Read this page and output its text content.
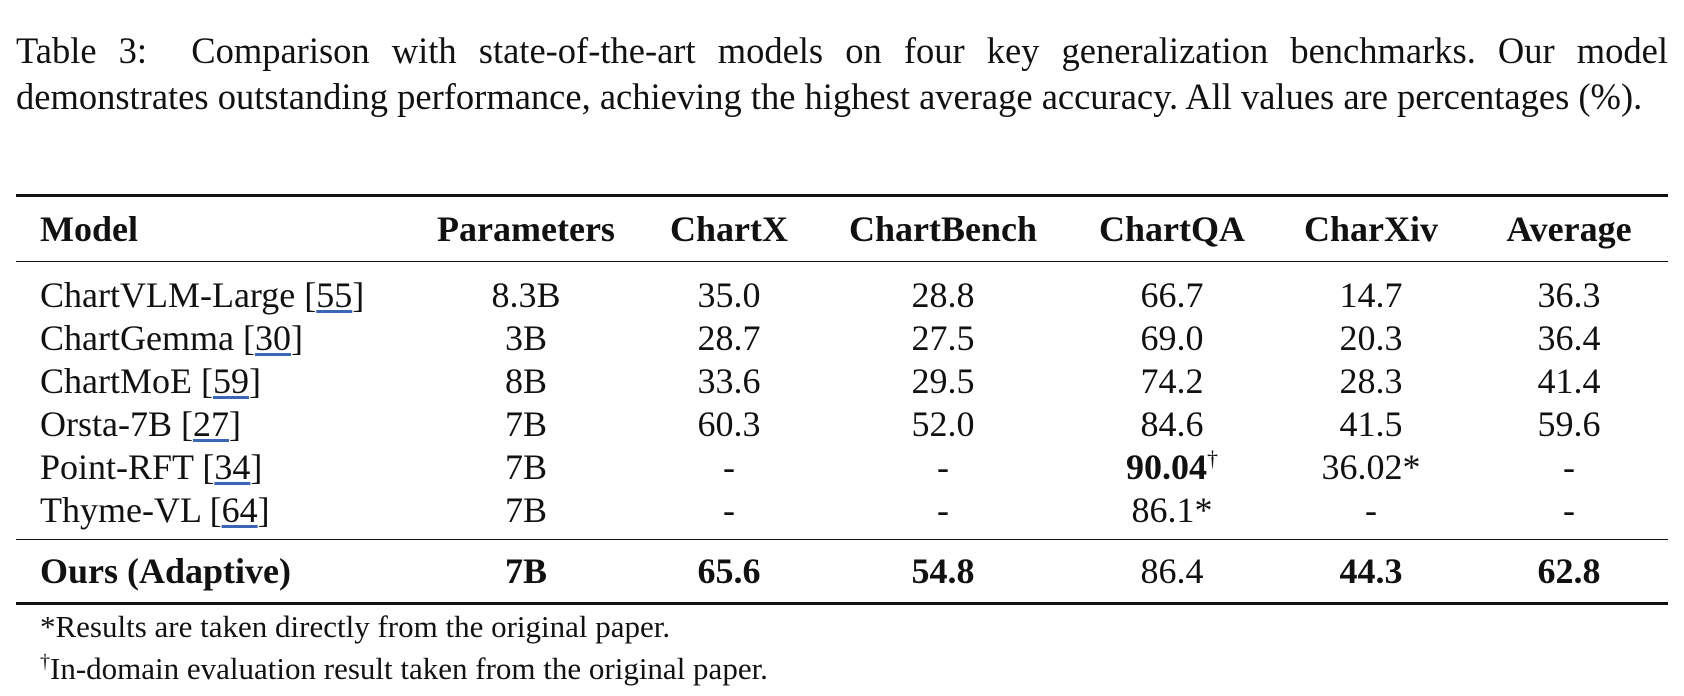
Table 3: Comparison with state-of-the-art models on four key generalization benchmarks. Our model demonstrates outstanding performance, achieving the highest average accuracy. All values are percentages (%).
Model	Parameters	ChartX	ChartBench	ChartQA	CharXiv	Average
ChartVLM-Large [55]	8.3B	35.0	28.8	66.7	14.7	36.3
ChartGemma [30]	3B	28.7	27.5	69.0	20.3	36.4
ChartMoE [59]	8B	33.6	29.5	74.2	28.3	41.4
Orsta-7B [27]	7B	60.3	52.0	84.6	41.5	59.6
Point-RFT [34]	7B	-	-	90.04†	36.02*	-
Thyme-VL [64]	7B	-	-	86.1*	-	-
Ours (Adaptive)	7B	65.6	54.8	86.4	44.3	62.8
*Results are taken directly from the original paper.
†In-domain evaluation result taken from the original paper.
